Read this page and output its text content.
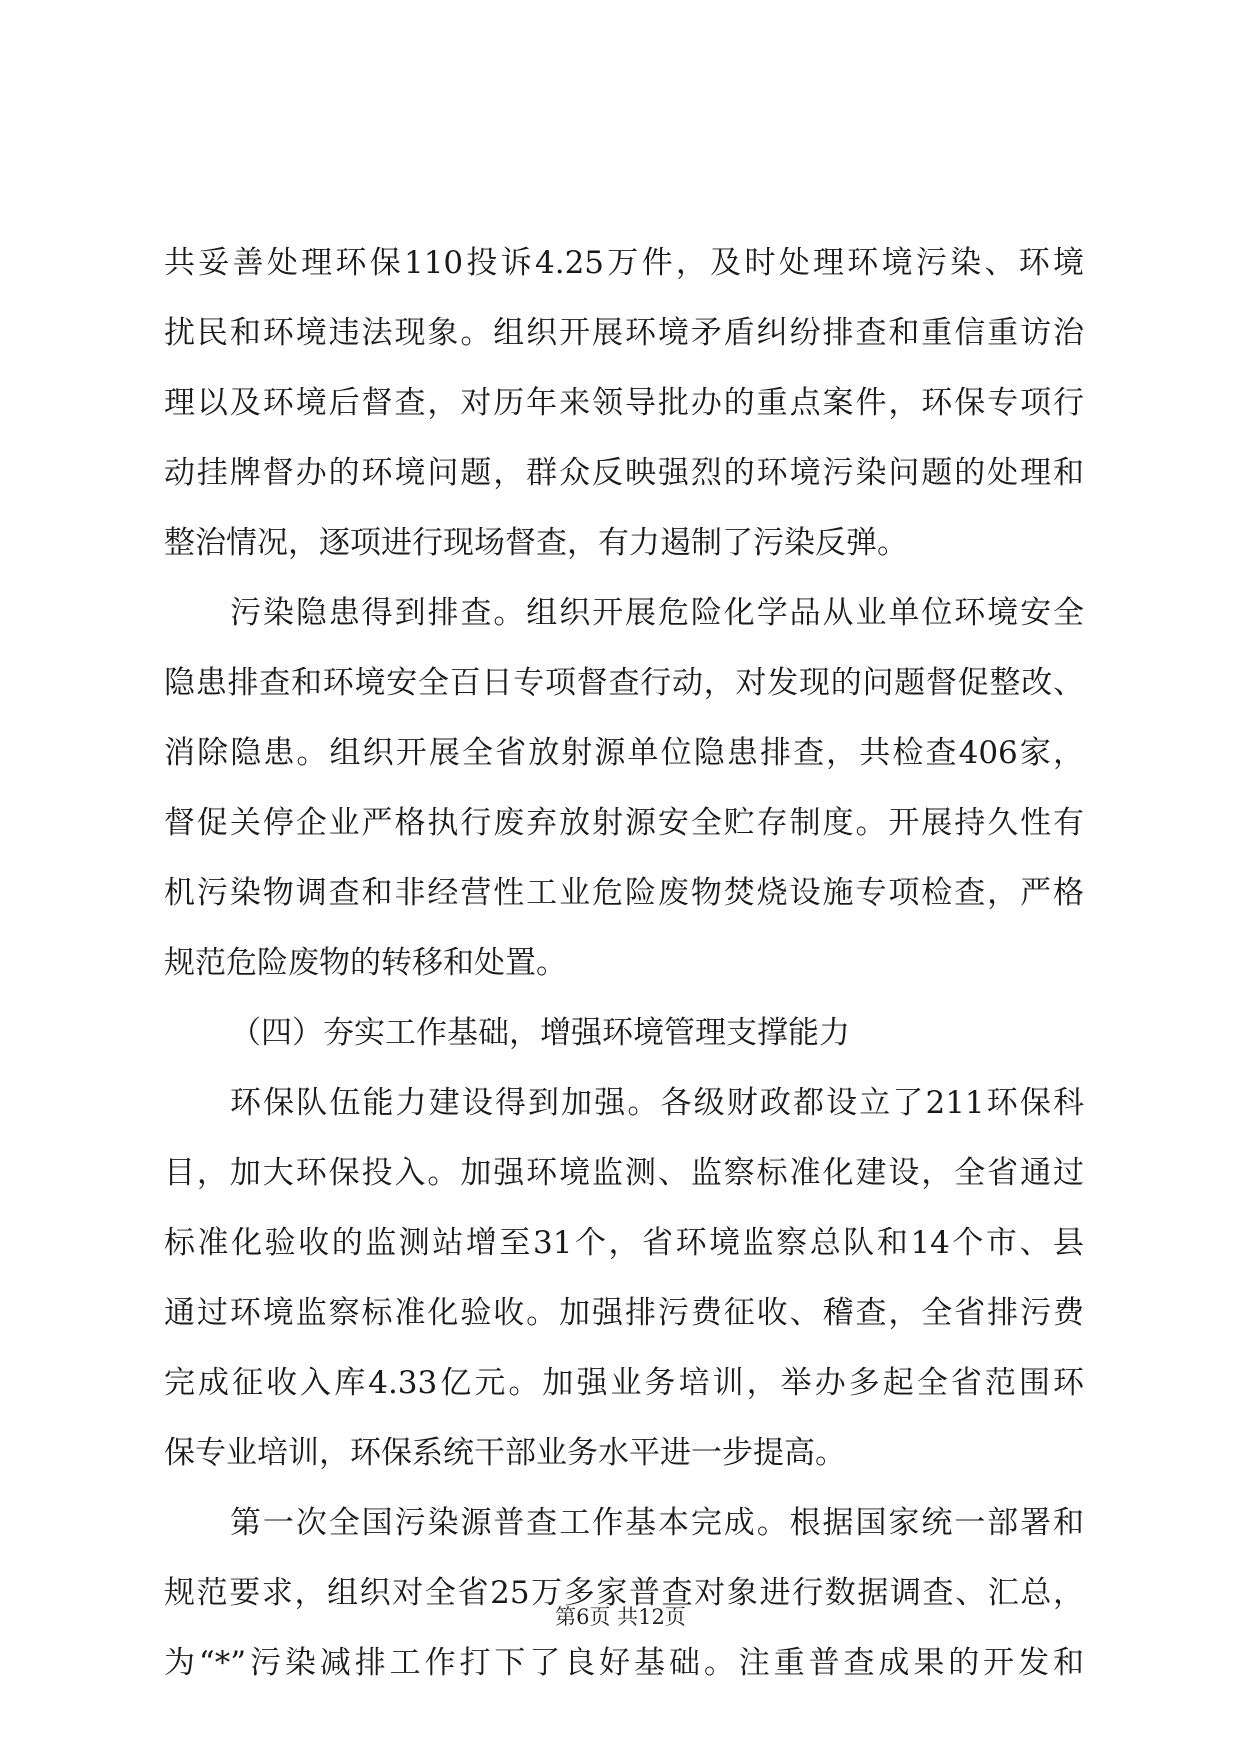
共妥善处理环保110投诉4.25万件，及时处理环境污染、环境
扰民和环境违法现象。组织开展环境矛盾纠纷排查和重信重访治
理以及环境后督查，对历年来领导批办的重点案件，环保专项行
动挂牌督办的环境问题，群众反映强烈的环境污染问题的处理和
整治情况，逐项进行现场督查，有力遏制了污染反弹。
污染隐患得到排查。组织开展危险化学品从业单位环境安全
隐患排查和环境安全百日专项督查行动，对发现的问题督促整改、
消除隐患。组织开展全省放射源单位隐患排查，共检查406家，
督促关停企业严格执行废弃放射源安全贮存制度。开展持久性有
机污染物调查和非经营性工业危险废物焚烧设施专项检查，严格
规范危险废物的转移和处置。
（四）夯实工作基础，增强环境管理支撑能力
环保队伍能力建设得到加强。各级财政都设立了211环保科
目，加大环保投入。加强环境监测、监察标准化建设，全省通过
标准化验收的监测站增至31个，省环境监察总队和14个市、县
通过环境监察标准化验收。加强排污费征收、稽查，全省排污费
完成征收入库4.33亿元。加强业务培训，举办多起全省范围环
保专业培训，环保系统干部业务水平进一步提高。
第一次全国污染源普查工作基本完成。根据国家统一部署和
规范要求，组织对全省25万多家普查对象进行数据调查、汇总，
为“*”污染减排工作打下了良好基础。注重普查成果的开发和
第6页 共12页
